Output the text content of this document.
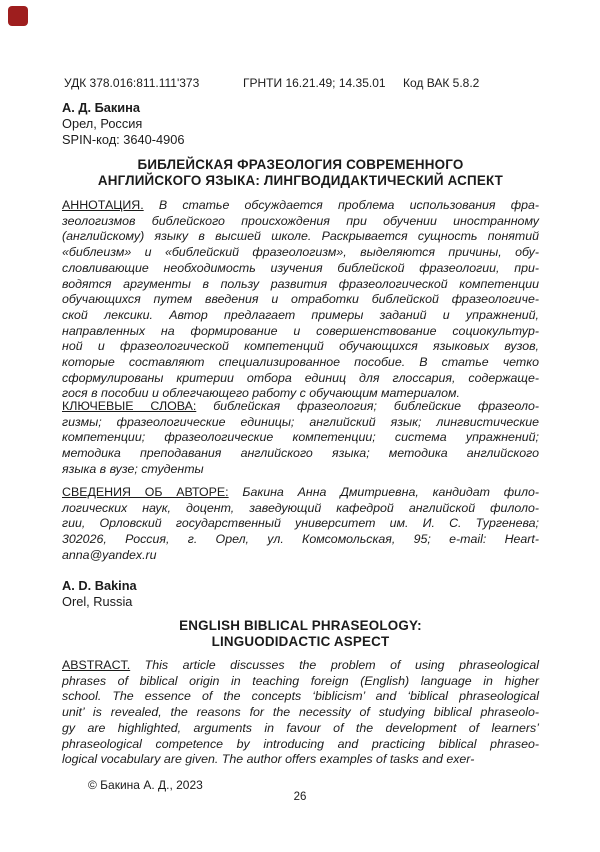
УДК 378.016:811.111'373	ГРНТИ 16.21.49; 14.35.01 Код ВАК 5.8.2
А. Д. Бакина
Орел, Россия
SPIN-код: 3640-4906
БИБЛЕЙСКАЯ ФРАЗЕОЛОГИЯ СОВРЕМЕННОГО
АНГЛИЙСКОГО ЯЗЫКА: ЛИНГВОДИДАКТИЧЕСКИЙ АСПЕКТ
АННОТАЦИЯ. В статье обсуждается проблема использования фра-
зеологизмов библейского происхождения при обучении иностранному
(английскому) языку в высшей школе. Раскрывается сущность понятий
«библеизм» и «библейский фразеологизм», выделяются причины, обу-
словливающие необходимость изучения библейской фразеологии, при-
водятся аргументы в пользу развития фразеологической компетенции
обучающихся путем введения и отработки библейской фразеологиче-
ской лексики. Автор предлагает примеры заданий и упражнений,
направленных на формирование и совершенствование социокультур-
ной и фразеологической компетенций обучающихся языковых вузов,
которые составляют специализированное пособие. В статье четко
сформулированы критерии отбора единиц для глоссария, содержаще-
гося в пособии и облегчающего работу с обучающим материалом.
КЛЮЧЕВЫЕ СЛОВА: библейская фразеология; библейские фразеоло-
гизмы; фразеологические единицы; английский язык; лингвистические
компетенции; фразеологические компетенции; система упражнений;
методика преподавания английского языка; методика английского
языка в вузе; студенты
СВЕДЕНИЯ ОБ АВТОРЕ: Бакина Анна Дмитриевна, кандидат фило-
логических наук, доцент, заведующий кафедрой английской филоло-
гии, Орловский государственный университет им. И. С. Тургенева;
302026, Россия, г. Орел, ул. Комсомольская, 95; e-mail: Heart-
anna@yandex.ru
A. D. Bakina
Orel, Russia
ENGLISH BIBLICAL PHRASEOLOGY:
LINGUODIDACTIC ASPECT
ABSTRACT. This article discusses the problem of using phraseological
phrases of biblical origin in teaching foreign (English) language in higher
school. The essence of the concepts ‘biblicism’ and ‘biblical phraseological
unit’ is revealed, the reasons for the necessity of studying biblical phraseolo-
gy are highlighted, arguments in favour of the development of learners’
phraseological competence by introducing and practicing biblical phraseo-
logical vocabulary are given. The author offers examples of tasks and exer-
© Бакина А. Д., 2023
26
